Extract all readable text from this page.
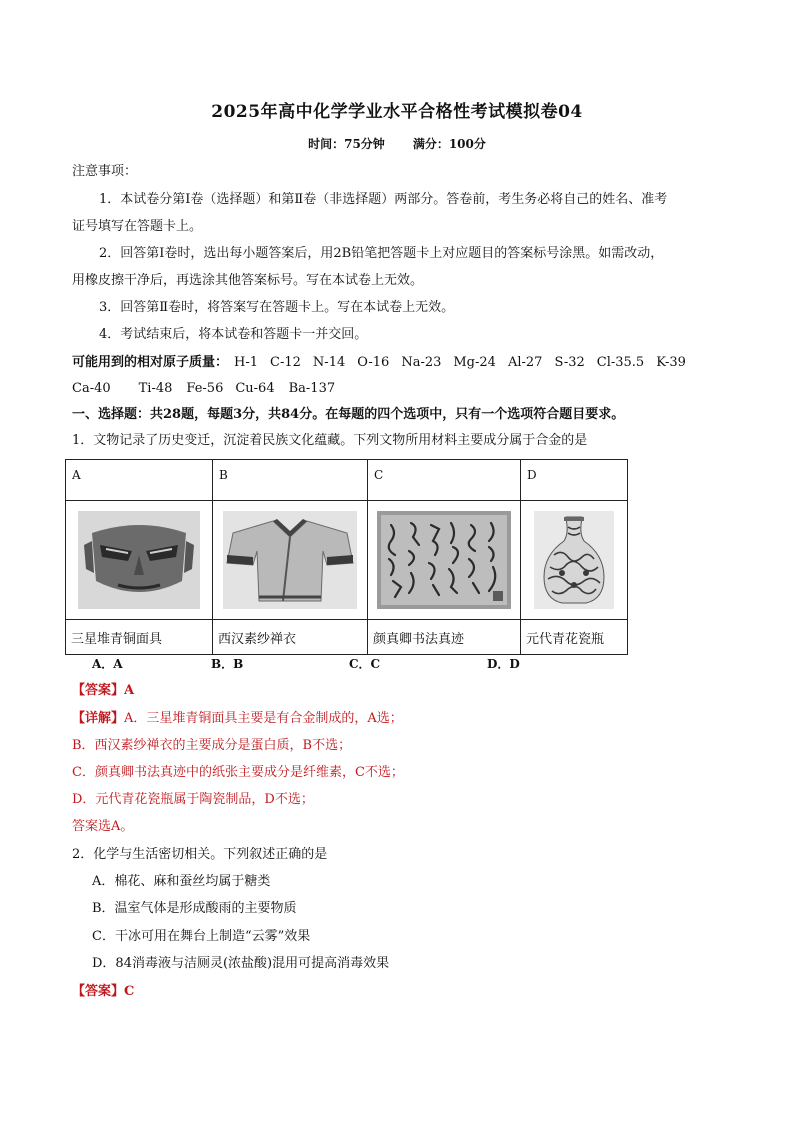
2025年高中化学学业水平合格性考试模拟卷04
时间：75分钟 满分：100分
注意事项：
1．本试卷分第Ⅰ卷（选择题）和第Ⅱ卷（非选择题）两部分。答卷前，考生务必将自己的姓名、准考
证号填写在答题卡上。
2．回答第Ⅰ卷时，选出每小题答案后，用2B铅笔把答题卡上对应题目的答案标号涂黑。如需改动，
用橡皮擦干净后，再选涂其他答案标号。写在本试卷上无效。
3．回答第Ⅱ卷时，将答案写在答题卡上。写在本试卷上无效。
4．考试结束后，将本试卷和答题卡一并交回。
可能用到的相对原子质量： H-1 C-12 N-14 O-16 Na-23 Mg-24 Al-27 S-32 Cl-35.5 K-39
Ca-40 Ti-48 Fe-56 Cu-64 Ba-137
一、选择题：共28题，每题3分，共84分。在每题的四个选项中，只有一个选项符合题目要求。
1．文物记录了历史变迁，沉淀着民族文化蕴藏。下列文物所用材料主要成分属于合金的是
A	B	C	D

三星堆青铜面具	西汉素纱禅衣	颜真卿书法真迹	元代青花瓷瓶
A．A	B．B	C．C	D．D
【答案】A
【详解】A．三星堆青铜面具主要是有合金制成的，A选；
B．西汉素纱禅衣的主要成分是蛋白质，B不选；
C．颜真卿书法真迹中的纸张主要成分是纤维素，C不选；
D．元代青花瓷瓶属于陶瓷制品，D不选；
答案选A。
2．化学与生活密切相关。下列叙述正确的是
A．棉花、麻和蚕丝均属于糖类
B．温室气体是形成酸雨的主要物质
C．干冰可用在舞台上制造“云雾”效果
D．84消毒液与洁厕灵(浓盐酸)混用可提高消毒效果
【答案】C
